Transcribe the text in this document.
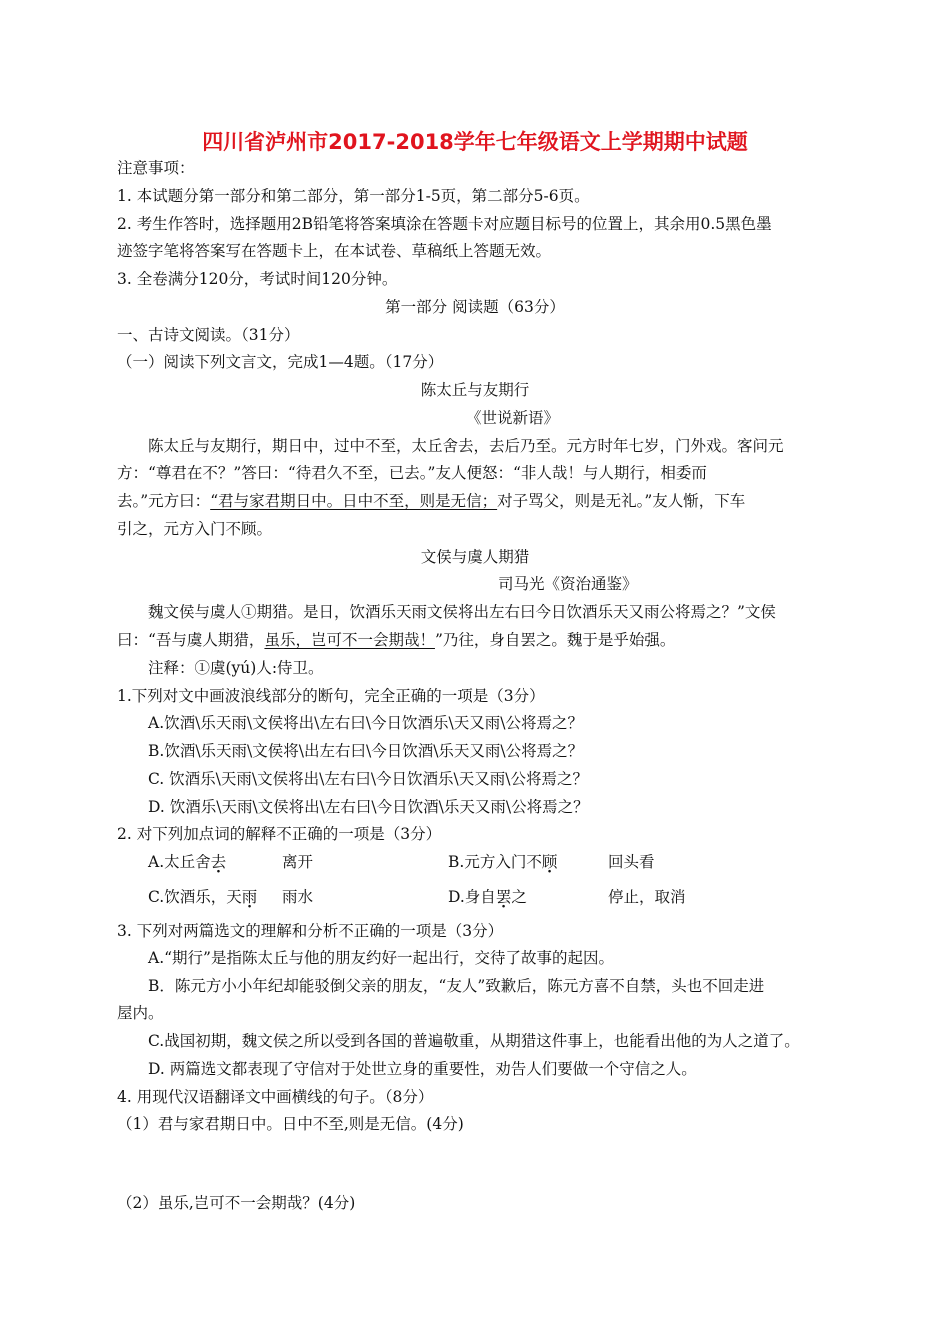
四川省泸州市2017-2018学年七年级语文上学期期中试题
注意事项：
1. 本试题分第一部分和第二部分，第一部分1-5页，第二部分5-6页。
2. 考生作答时，选择题用2B铅笔将答案填涂在答题卡对应题目标号的位置上，其余用0.5黑色墨
迹签字笔将答案写在答题卡上，在本试卷、草稿纸上答题无效。
3. 全卷满分120分，考试时间120分钟。
第一部分 阅读题（63分）
一、古诗文阅读。（31分）
（一）阅读下列文言文，完成1—4题。（17分）
陈太丘与友期行
《世说新语》
陈太丘与友期行，期日中，过中不至，太丘舍去，去后乃至。元方时年七岁，门外戏。客问元
方：“尊君在不？”答曰：“待君久不至，已去。”友人便怒：“非人哉！与人期行，相委而
去。”元方曰：“君与家君期日中。日中不至，则是无信；对子骂父，则是无礼。”友人惭，下车
引之，元方入门不顾。
文侯与虞人期猎
司马光《资治通鉴》
魏文侯与虞人①期猎。是日，饮酒乐天雨文侯将出左右曰今日饮酒乐天又雨公将焉之？”文侯
曰：“吾与虞人期猎，虽乐，岂可不一会期哉！”乃往，身自罢之。魏于是乎始强。
注释：①虞(yú)人:侍卫。
1.下列对文中画波浪线部分的断句，完全正确的一项是（3分）
A.饮酒\乐天雨\文侯将出\左右曰\今日饮酒乐\天又雨\公将焉之？
B.饮酒\乐天雨\文侯将\出左右曰\今日饮酒\乐天又雨\公将焉之？
C. 饮酒乐\天雨\文侯将出\左右曰\今日饮酒乐\天又雨\公将焉之？
D. 饮酒乐\天雨\文侯将出\左右曰\今日饮酒\乐天又雨\公将焉之？
2. 对下列加点词的解释不正确的一项是（3分）
A.太丘舍去	离开	B.元方入门不顾	回头看
C.饮酒乐，天雨 雨水	D.身自罢之	停止，取消
3. 下列对两篇选文的理解和分析不正确的一项是（3分）
A.“期行”是指陈太丘与他的朋友约好一起出行，交待了故事的起因。
B．陈元方小小年纪却能驳倒父亲的朋友，“友人”致歉后，陈元方喜不自禁，头也不回走进
屋内。
C.战国初期，魏文侯之所以受到各国的普遍敬重，从期猎这件事上，也能看出他的为人之道了。
D. 两篇选文都表现了守信对于处世立身的重要性，劝告人们要做一个守信之人。
4. 用现代汉语翻译文中画横线的句子。（8分）
（1）君与家君期日中。日中不至,则是无信。(4分)
（2）虽乐,岂可不一会期哉？(4分)
